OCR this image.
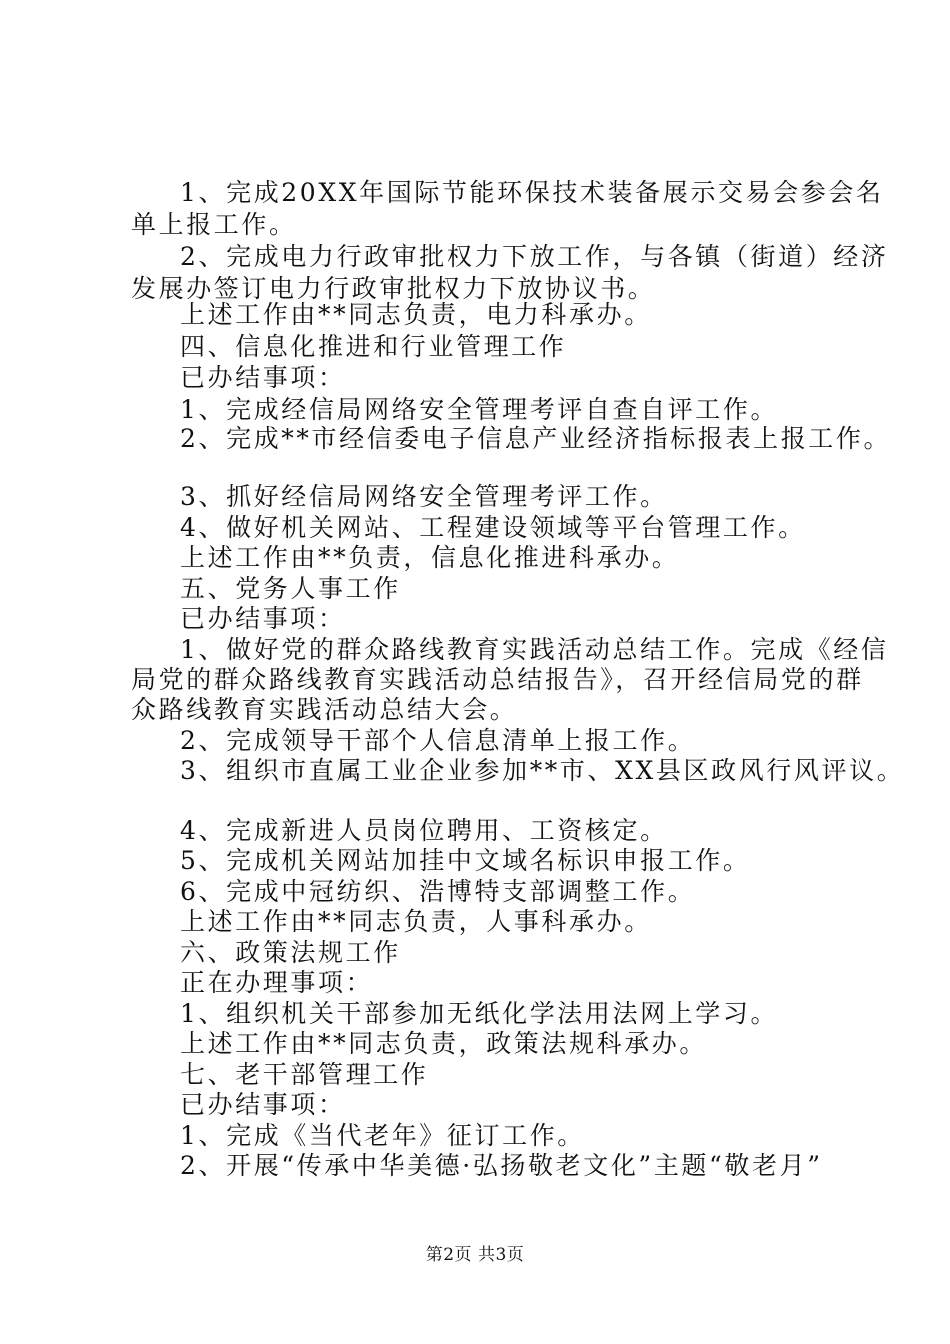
1、完成20XX年国际节能环保技术装备展示交易会参会名
单上报工作。
2、完成电力行政审批权力下放工作，与各镇（街道）经济
发展办签订电力行政审批权力下放协议书。
上述工作由**同志负责，电力科承办。
四、信息化推进和行业管理工作
已办结事项：
1、完成经信局网络安全管理考评自查自评工作。
2、完成**市经信委电子信息产业经济指标报表上报工作。
3、抓好经信局网络安全管理考评工作。
4、做好机关网站、工程建设领域等平台管理工作。
上述工作由**负责，信息化推进科承办。
五、党务人事工作
已办结事项：
1、做好党的群众路线教育实践活动总结工作。完成《经信
局党的群众路线教育实践活动总结报告》，召开经信局党的群
众路线教育实践活动总结大会。
2、完成领导干部个人信息清单上报工作。
3、组织市直属工业企业参加**市、XX县区政风行风评议。
4、完成新进人员岗位聘用、工资核定。
5、完成机关网站加挂中文域名标识申报工作。
6、完成中冠纺织、浩博特支部调整工作。
上述工作由**同志负责，人事科承办。
六、政策法规工作
正在办理事项：
1、组织机关干部参加无纸化学法用法网上学习。
上述工作由**同志负责，政策法规科承办。
七、老干部管理工作
已办结事项：
1、完成《当代老年》征订工作。
2、开展“传承中华美德·弘扬敬老文化”主题“敬老月”
第2页 共3页
